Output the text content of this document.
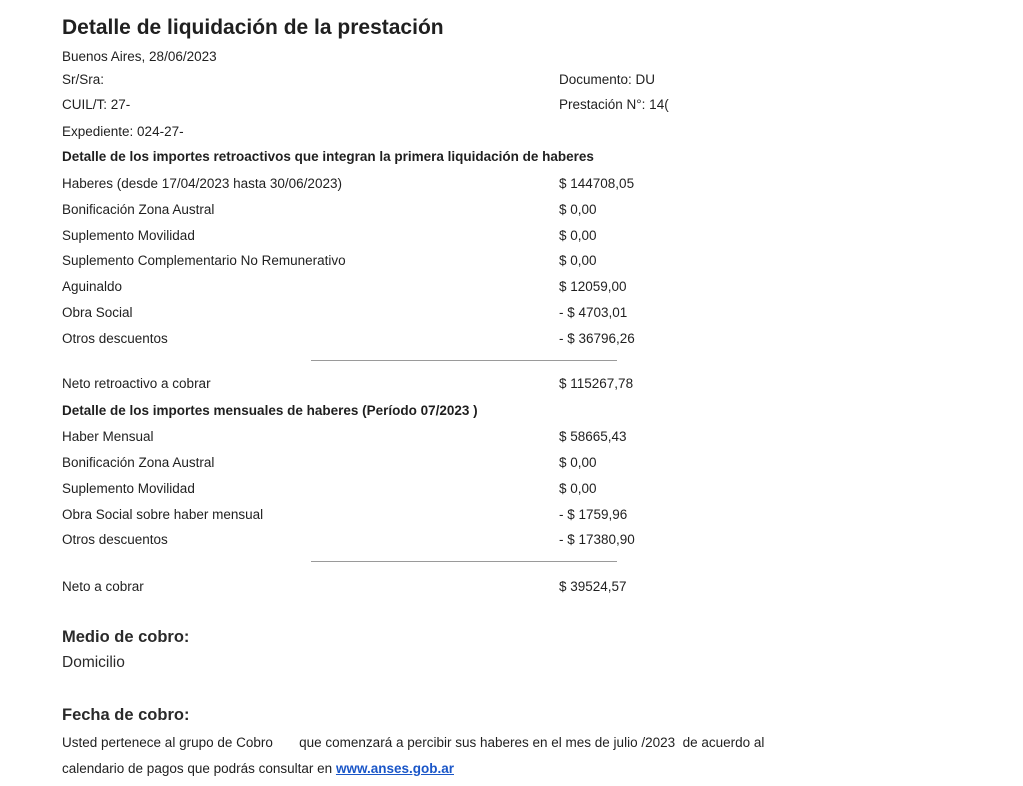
Detalle de liquidación de la prestación
Buenos Aires, 28/06/2023
Sr/Sra:	Documento: DU
CUIL/T: 27-	Prestación N°: 14(
Expediente: 024-27-
Detalle de los importes retroactivos que integran la primera liquidación de haberes
Haberes (desde 17/04/2023 hasta 30/06/2023)	$ 144708,05
Bonificación Zona Austral	$ 0,00
Suplemento Movilidad	$ 0,00
Suplemento Complementario No Remunerativo	$ 0,00
Aguinaldo	$ 12059,00
Obra Social	- $ 4703,01
Otros descuentos	- $ 36796,26
Neto retroactivo a cobrar	$ 115267,78
Detalle de los importes mensuales de haberes (Período 07/2023 )
Haber Mensual	$ 58665,43
Bonificación Zona Austral	$ 0,00
Suplemento Movilidad	$ 0,00
Obra Social sobre haber mensual	- $ 1759,96
Otros descuentos	- $ 17380,90
Neto a cobrar	$ 39524,57
Medio de cobro:
Domicilio
Fecha de cobro:
Usted pertenece al grupo de Cobro       que comenzará a percibir sus haberes en el mes de julio /2023  de acuerdo al
calendario de pagos que podrás consultar en www.anses.gob.ar
